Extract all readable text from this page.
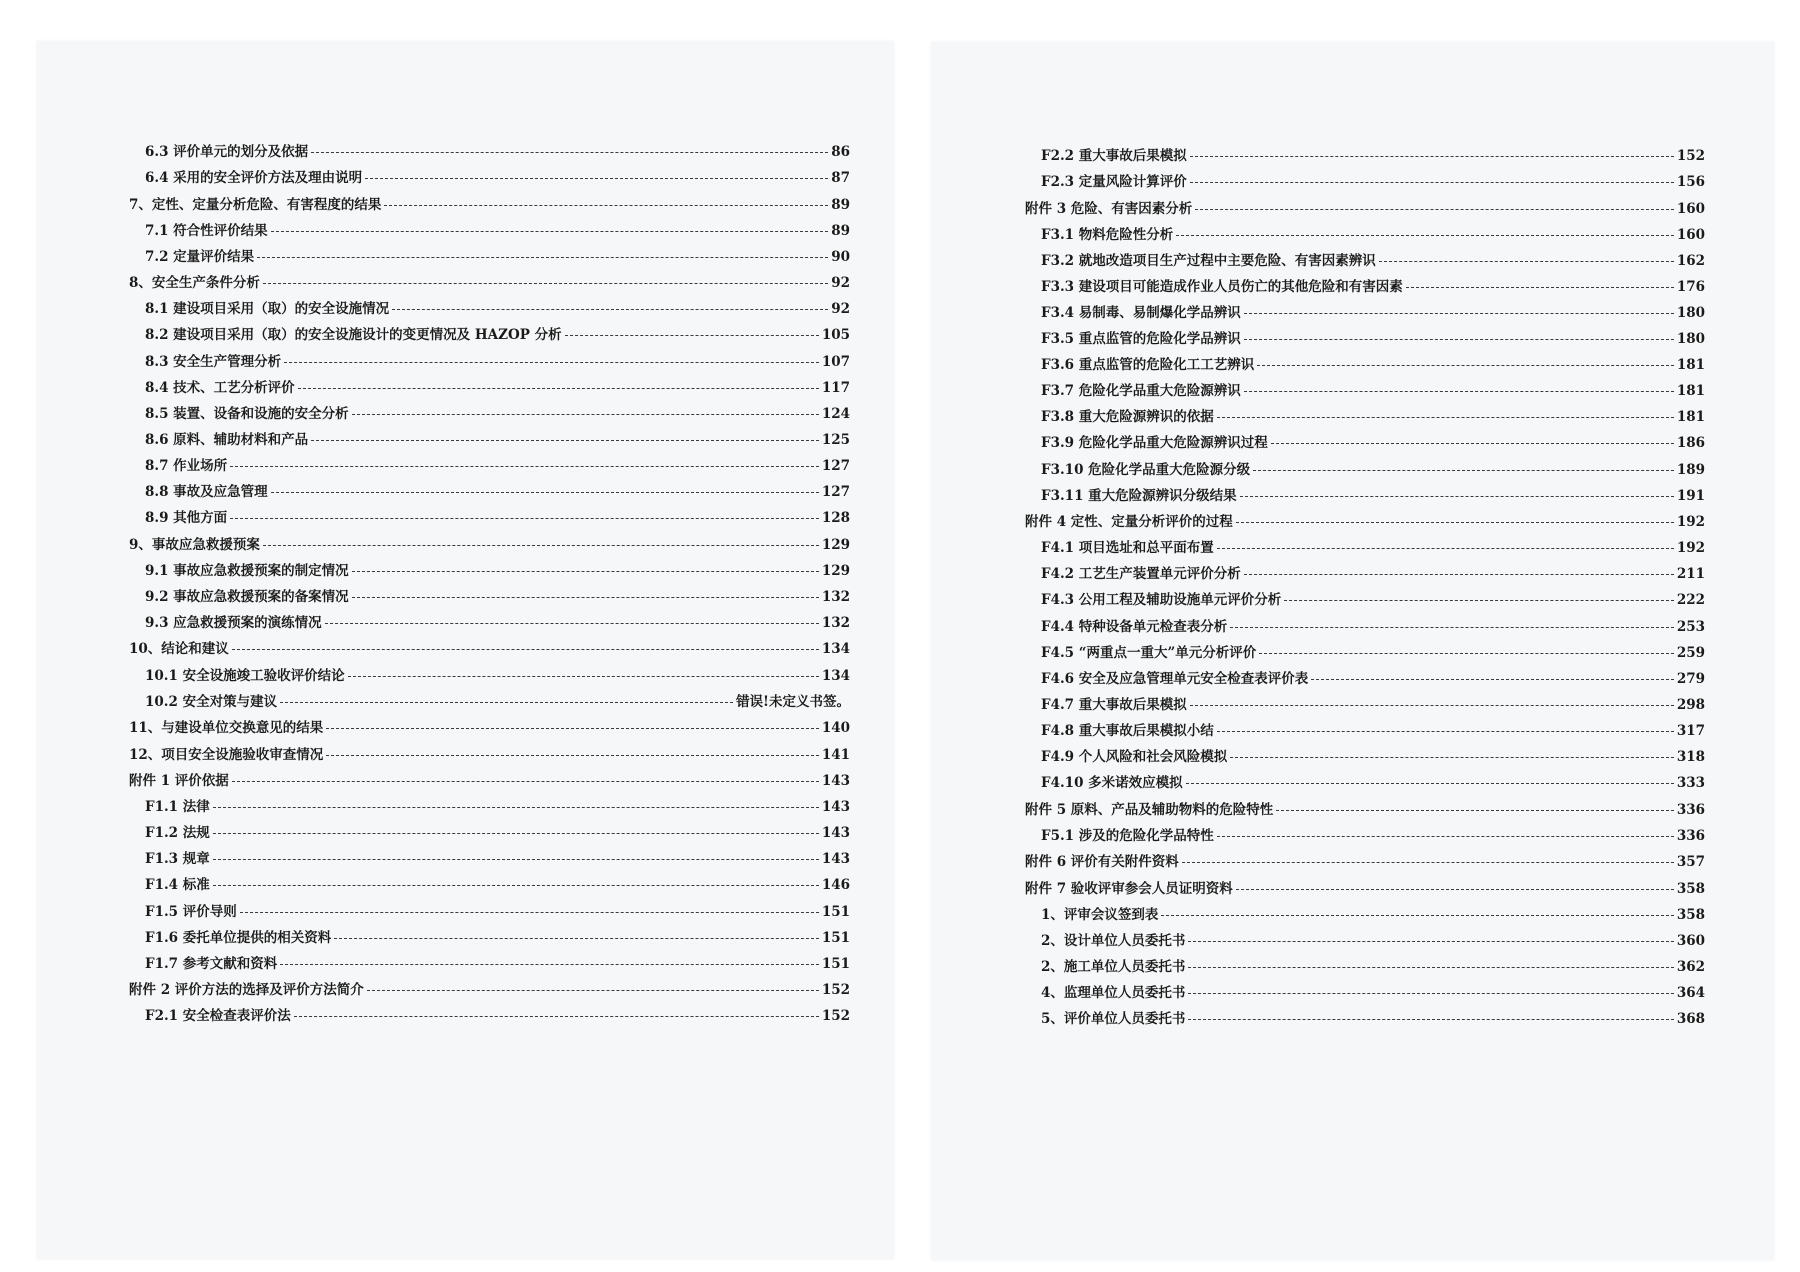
6.3 评价单元的划分及依据	86
6.4 采用的安全评价方法及理由说明	87
7、定性、定量分析危险、有害程度的结果	89
7.1 符合性评价结果	89
7.2 定量评价结果	90
8、安全生产条件分析	92
8.1 建设项目采用（取）的安全设施情况	92
8.2 建设项目采用（取）的安全设施设计的变更情况及 HAZOP 分析	105
8.3 安全生产管理分析	107
8.4 技术、工艺分析评价	117
8.5 装置、设备和设施的安全分析	124
8.6 原料、辅助材料和产品	125
8.7 作业场所	127
8.8 事故及应急管理	127
8.9 其他方面	128
9、事故应急救援预案	129
9.1 事故应急救援预案的制定情况	129
9.2 事故应急救援预案的备案情况	132
9.3 应急救援预案的演练情况	132
10、结论和建议	134
10.1 安全设施竣工验收评价结论	134
10.2 安全对策与建议	错误!未定义书签。
11、与建设单位交换意见的结果	140
12、项目安全设施验收审查情况	141
附件 1 评价依据	143
F1.1 法律	143
F1.2 法规	143
F1.3 规章	143
F1.4 标准	146
F1.5 评价导则	151
F1.6 委托单位提供的相关资料	151
F1.7 参考文献和资料	151
附件 2 评价方法的选择及评价方法简介	152
F2.1 安全检查表评价法	152
F2.2 重大事故后果模拟	152
F2.3 定量风险计算评价	156
附件 3 危险、有害因素分析	160
F3.1 物料危险性分析	160
F3.2 就地改造项目生产过程中主要危险、有害因素辨识	162
F3.3 建设项目可能造成作业人员伤亡的其他危险和有害因素	176
F3.4 易制毒、易制爆化学品辨识	180
F3.5 重点监管的危险化学品辨识	180
F3.6 重点监管的危险化工工艺辨识	181
F3.7 危险化学品重大危险源辨识	181
F3.8 重大危险源辨识的依据	181
F3.9 危险化学品重大危险源辨识过程	186
F3.10 危险化学品重大危险源分级	189
F3.11 重大危险源辨识分级结果	191
附件 4 定性、定量分析评价的过程	192
F4.1 项目选址和总平面布置	192
F4.2 工艺生产装置单元评价分析	211
F4.3 公用工程及辅助设施单元评价分析	222
F4.4 特种设备单元检查表分析	253
F4.5 “两重点一重大”单元分析评价	259
F4.6 安全及应急管理单元安全检查表评价表	279
F4.7 重大事故后果模拟	298
F4.8 重大事故后果模拟小结	317
F4.9 个人风险和社会风险模拟	318
F4.10 多米诺效应模拟	333
附件 5 原料、产品及辅助物料的危险特性	336
F5.1 涉及的危险化学品特性	336
附件 6 评价有关附件资料	357
附件 7 验收评审参会人员证明资料	358
1、评审会议签到表	358
2、设计单位人员委托书	360
2、施工单位人员委托书	362
4、监理单位人员委托书	364
5、评价单位人员委托书	368
